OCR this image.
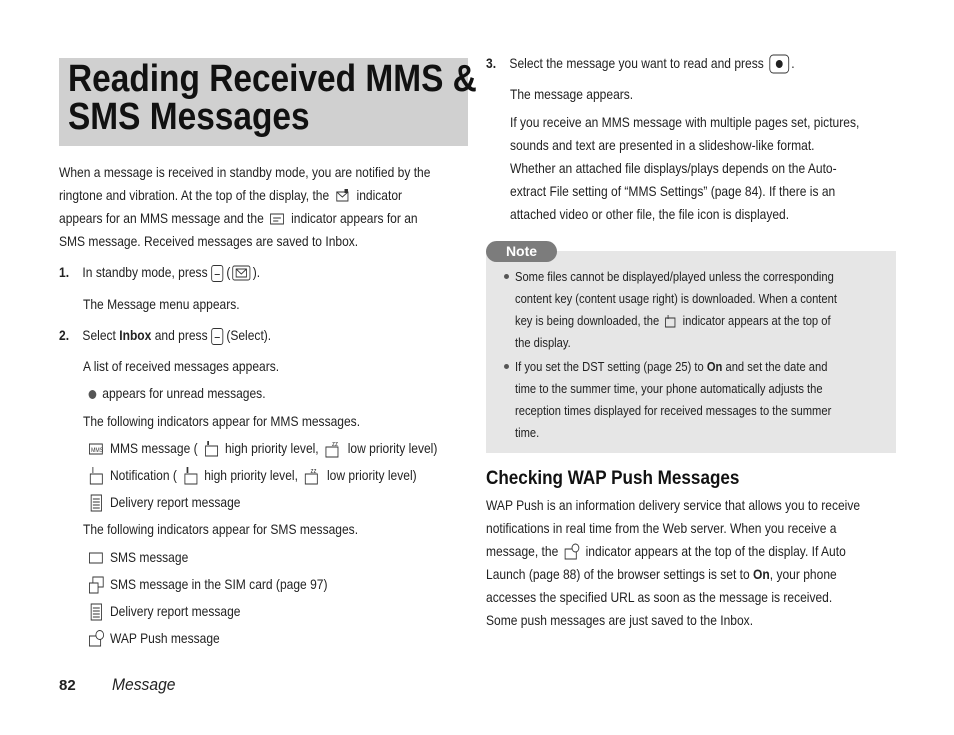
Reading Received MMS &
SMS Messages

When a message is received in standby mode, you are notified by the

ringtone and vibration. At the top of the display, the indicator

appears for an MMS message and the indicator appears for an

SMS message. Received messages are saved to Inbox.

1. In standby mode, press ( ).
The Message menu appears.
2. Select Inbox and press (Select).
A list of received messages appears.
appears for unread messages.
The following indicators appear for MMS messages.
MMS MMS message ( high priority level, zz low priority level)
Notification ( high priority level, zz low priority level)
Delivery report message
The following indicators appear for SMS messages.
SMS message
SMS message in the SIM card (page 97)
Delivery report message
WAP Push message
3. Select the message you want to read and press .
The message appears.

If you receive an MMS message with multiple pages set, pictures,

sounds and text are presented in a slideshow-like format.

Whether an attached file displays/plays depends on the Auto-

extract File setting of “MMS Settings” (page 84). If there is an

attached video or other file, the file icon is displayed.

Note
Some files cannot be displayed/played unless the corresponding
content key (content usage right) is downloaded. When a content
key is being downloaded, the indicator appears at the top of
the display.
If you set the DST setting (page 25) to On and set the date and
time to the summer time, your phone automatically adjusts the
reception times displayed for received messages to the summer
time.
Checking WAP Push Messages

WAP Push is an information delivery service that allows you to receive

notifications in real time from the Web server. When you receive a

message, the indicator appears at the top of the display. If Auto

Launch (page 88) of the browser settings is set to On, your phone

accesses the specified URL as soon as the message is received.

Some push messages are just saved to the Inbox.

82 Message
